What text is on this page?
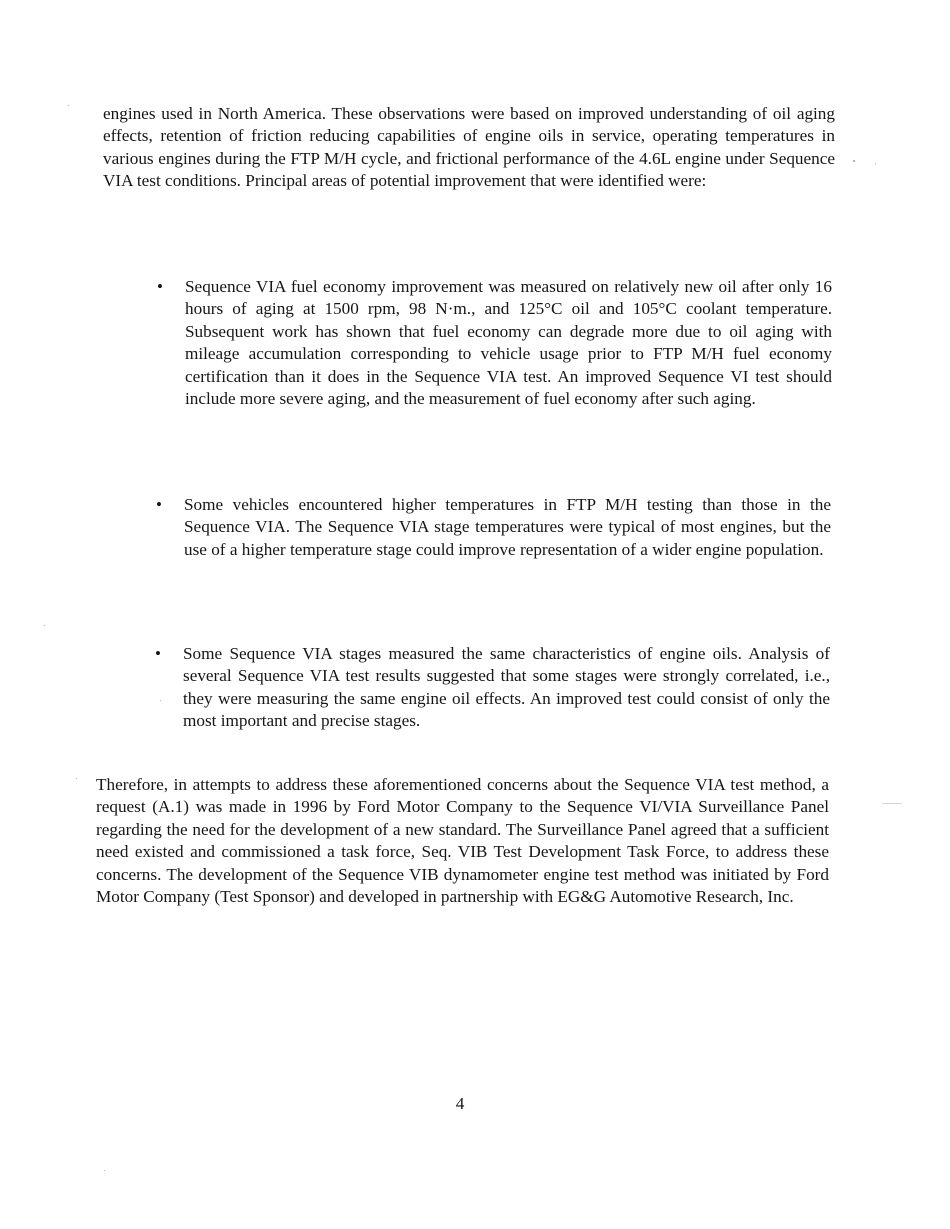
engines used in North America. These observations were based on improved understanding of oil aging effects, retention of friction reducing capabilities of engine oils in service, operating temperatures in various engines during the FTP M/H cycle, and frictional performance of the 4.6L engine under Sequence VIA test conditions. Principal areas of potential improvement that were identified were:

• Sequence VIA fuel economy improvement was measured on relatively new oil after only 16 hours of aging at 1500 rpm, 98 N·m., and 125°C oil and 105°C coolant temperature. Subsequent work has shown that fuel economy can degrade more due to oil aging with mileage accumulation corresponding to vehicle usage prior to FTP M/H fuel economy certification than it does in the Sequence VIA test. An improved Sequence VI test should include more severe aging, and the measurement of fuel economy after such aging.

• Some vehicles encountered higher temperatures in FTP M/H testing than those in the Sequence VIA. The Sequence VIA stage temperatures were typical of most engines, but the use of a higher temperature stage could improve representation of a wider engine population.

• Some Sequence VIA stages measured the same characteristics of engine oils. Analysis of several Sequence VIA test results suggested that some stages were strongly correlated, i.e., they were measuring the same engine oil effects. An improved test could consist of only the most important and precise stages.

Therefore, in attempts to address these aforementioned concerns about the Sequence VIA test method, a request (A.1) was made in 1996 by Ford Motor Company to the Sequence VI/VIA Surveillance Panel regarding the need for the development of a new standard. The Surveillance Panel agreed that a sufficient need existed and commissioned a task force, Seq. VIB Test Development Task Force, to address these concerns. The development of the Sequence VIB dynamometer engine test method was initiated by Ford Motor Company (Test Sponsor) and developed in partnership with EG&G Automotive Research, Inc.

4
